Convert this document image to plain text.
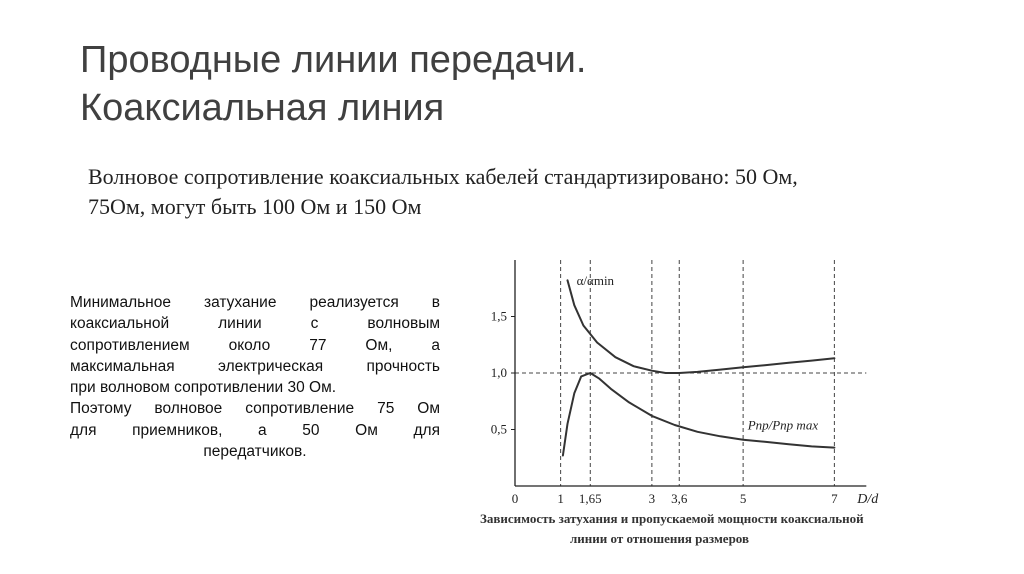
Проводные линии передачи.
Коаксиальная линия
Волновое сопротивление коаксиальных кабелей стандартизировано: 50 Ом,
75Ом, могут быть 100 Ом и 150 Ом
Минимальное затухание реализуется в
коаксиальной линии с волновым
сопротивлением около 77 Ом, а
максимальная электрическая прочность
при волновом сопротивлении 30 Ом.
Поэтому волновое сопротивление 75 Ом
для приемников, а 50 Ом для
передатчиков.
0,5
1,0
1,5
0	1 1,65	3 3,6	5	7
α/αmin
Pпр/Pпр max
D/d
Зависимость затухания и пропускаемой мощности коаксиальной
линии от отношения размеров
